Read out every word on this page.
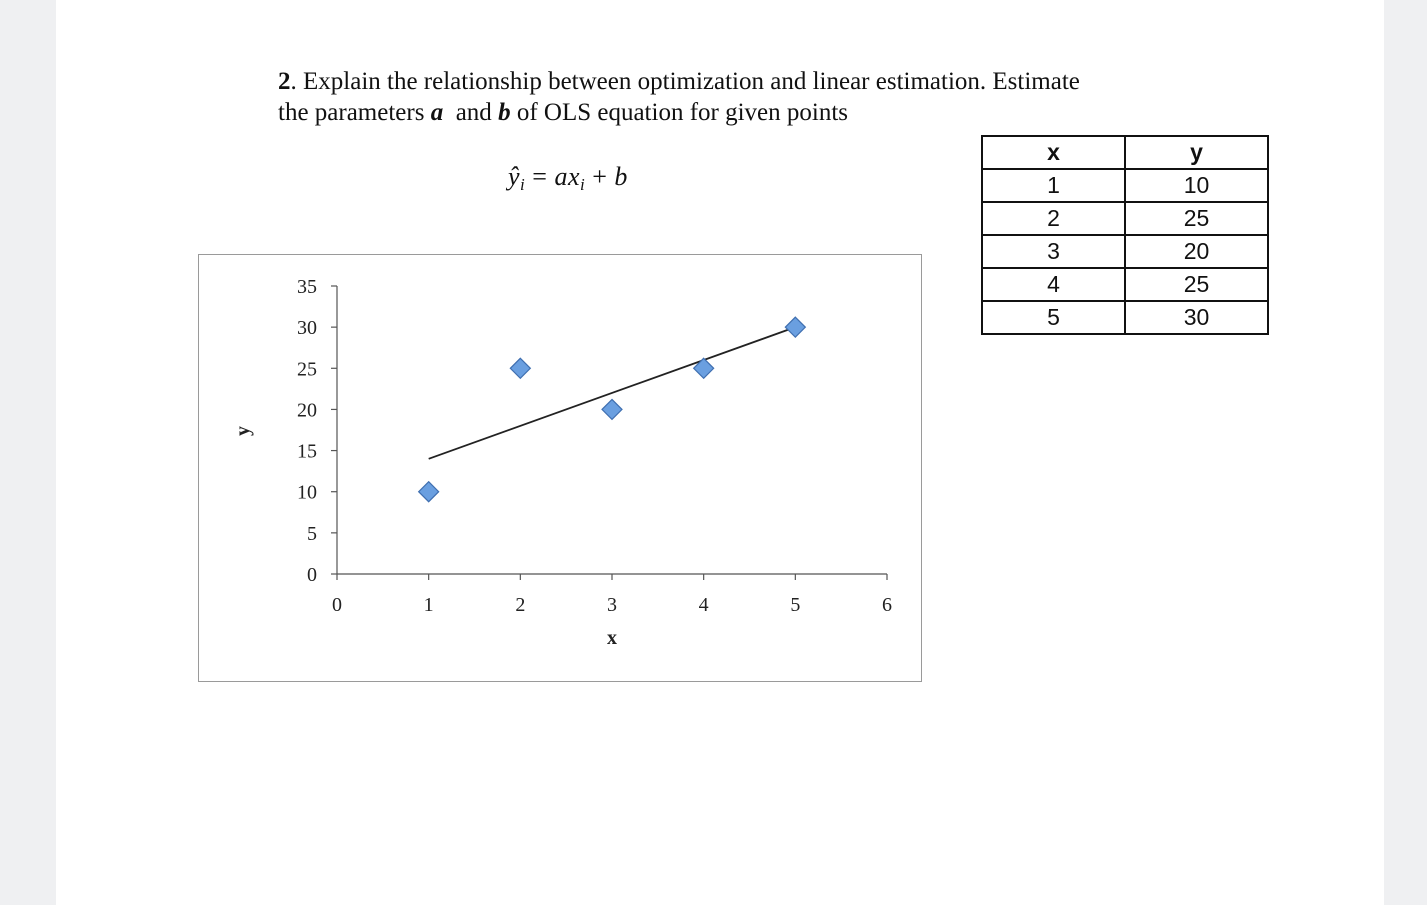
2. Explain the relationship between optimization and linear estimation. Estimate
the parameters a  and b of OLS equation for given points
$ŷ_i = ax_i + b$
x	y
1	10
2	25
3	20
4	25
5	30
0
5
10
15
20
25
30
35
0	1	2	3	4	5	6
x
y
